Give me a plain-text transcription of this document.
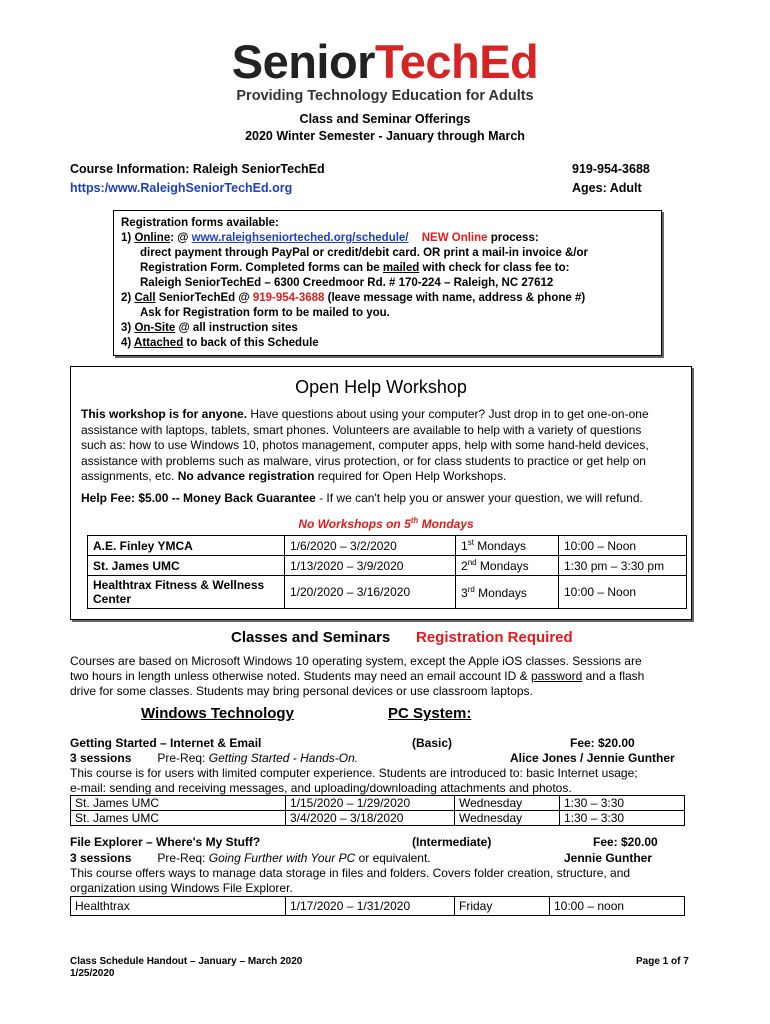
SeniorTechEd
Providing Technology Education for Adults
Class and Seminar Offerings
2020 Winter Semester - January through March
Course Information: Raleigh SeniorTechEd
https:/www.RaleighSeniorTechEd.org
919-954-3688
Ages: Adult
Registration forms available:
1) Online: @ www.raleighseniorteched.org/schedule/ NEW Online process:
direct payment through PayPal or credit/debit card. OR print a mail-in invoice &/or
Registration Form. Completed forms can be mailed with check for class fee to:
Raleigh SeniorTechEd – 6300 Creedmoor Rd. # 170-224 – Raleigh, NC 27612
2) Call SeniorTechEd @ 919-954-3688 (leave message with name, address & phone #)
Ask for Registration form to be mailed to you.
3) On-Site @ all instruction sites
4) Attached to back of this Schedule
Open Help Workshop
This workshop is for anyone. Have questions about using your computer? Just drop in to get one-on-one
assistance with laptops, tablets, smart phones. Volunteers are available to help with a variety of questions
such as: how to use Windows 10, photos management, computer apps, help with some hand-held devices,
assistance with problems such as malware, virus protection, or for class students to practice or get help on
assignments, etc. No advance registration required for Open Help Workshops.
Help Fee: $5.00 -- Money Back Guarantee - If we can't help you or answer your question, we will refund.
No Workshops on 5th Mondays
A.E. Finley YMCA	1/6/2020 – 3/2/2020	1st Mondays	10:00 – Noon
St. James UMC	1/13/2020 – 3/9/2020	2nd Mondays	1:30 pm – 3:30 pm
Healthtrax Fitness & Wellness Center	1/20/2020 – 3/16/2020	3rd Mondays	10:00 – Noon
Classes and Seminars Registration Required
Courses are based on Microsoft Windows 10 operating system, except the Apple iOS classes. Sessions are
two hours in length unless otherwise noted. Students may need an email account ID & password and a flash
drive for some classes. Students may bring personal devices or use classroom laptops.
Windows Technology	PC System:
Getting Started – Internet & Email	(Basic)	Fee: $20.00
3 sessions Pre-Req: Getting Started - Hands-On.	Alice Jones / Jennie Gunther
This course is for users with limited computer experience. Students are introduced to: basic Internet usage;
e-mail: sending and receiving messages, and uploading/downloading attachments and photos.
St. James UMC	1/15/2020 – 1/29/2020	Wednesday	1:30 – 3:30
St. James UMC	3/4/2020 – 3/18/2020	Wednesday	1:30 – 3:30
File Explorer – Where's My Stuff?	(Intermediate)	Fee: $20.00
3 sessions Pre-Req: Going Further with Your PC or equivalent.	Jennie Gunther
This course offers ways to manage data storage in files and folders. Covers folder creation, structure, and
organization using Windows File Explorer.
Healthtrax	1/17/2020 – 1/31/2020	Friday	10:00 – noon
Class Schedule Handout – January – March 2020
1/25/2020
Page 1 of 7
